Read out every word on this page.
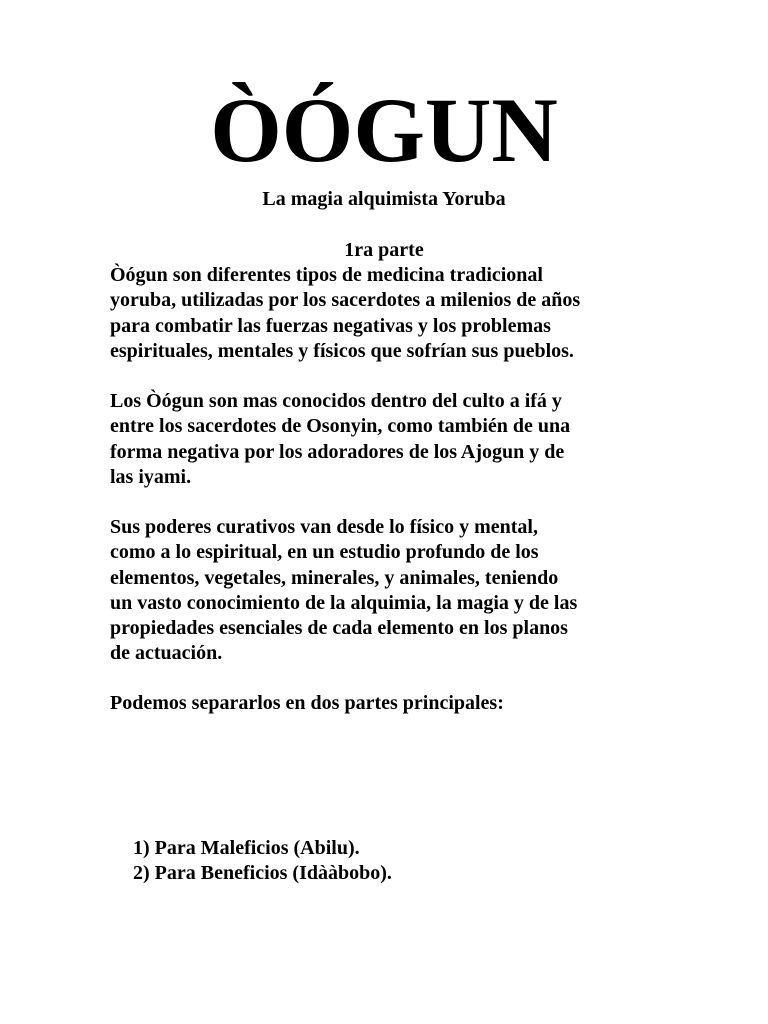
ÒÓGUN
La magia alquimista Yoruba
1ra parte
Òógun son diferentes tipos de medicina tradicional
yoruba, utilizadas por los sacerdotes a milenios de años
para combatir las fuerzas negativas y los problemas
espirituales, mentales y físicos que sofrían sus pueblos.
Los Òógun son mas conocidos dentro del culto a ifá y
entre los sacerdotes de Osonyin, como también de una
forma negativa por los adoradores de los Ajogun y de
las iyami.
Sus poderes curativos van desde lo físico y mental,
como a lo espiritual, en un estudio profundo de los
elementos, vegetales, minerales, y animales, teniendo
un vasto conocimiento de la alquimia, la magia y de las
propiedades esenciales de cada elemento en los planos
de actuación.
Podemos separarlos en dos partes principales:
1) Para Maleficios (Abilu).
2) Para Beneficios (Idààbobo).
